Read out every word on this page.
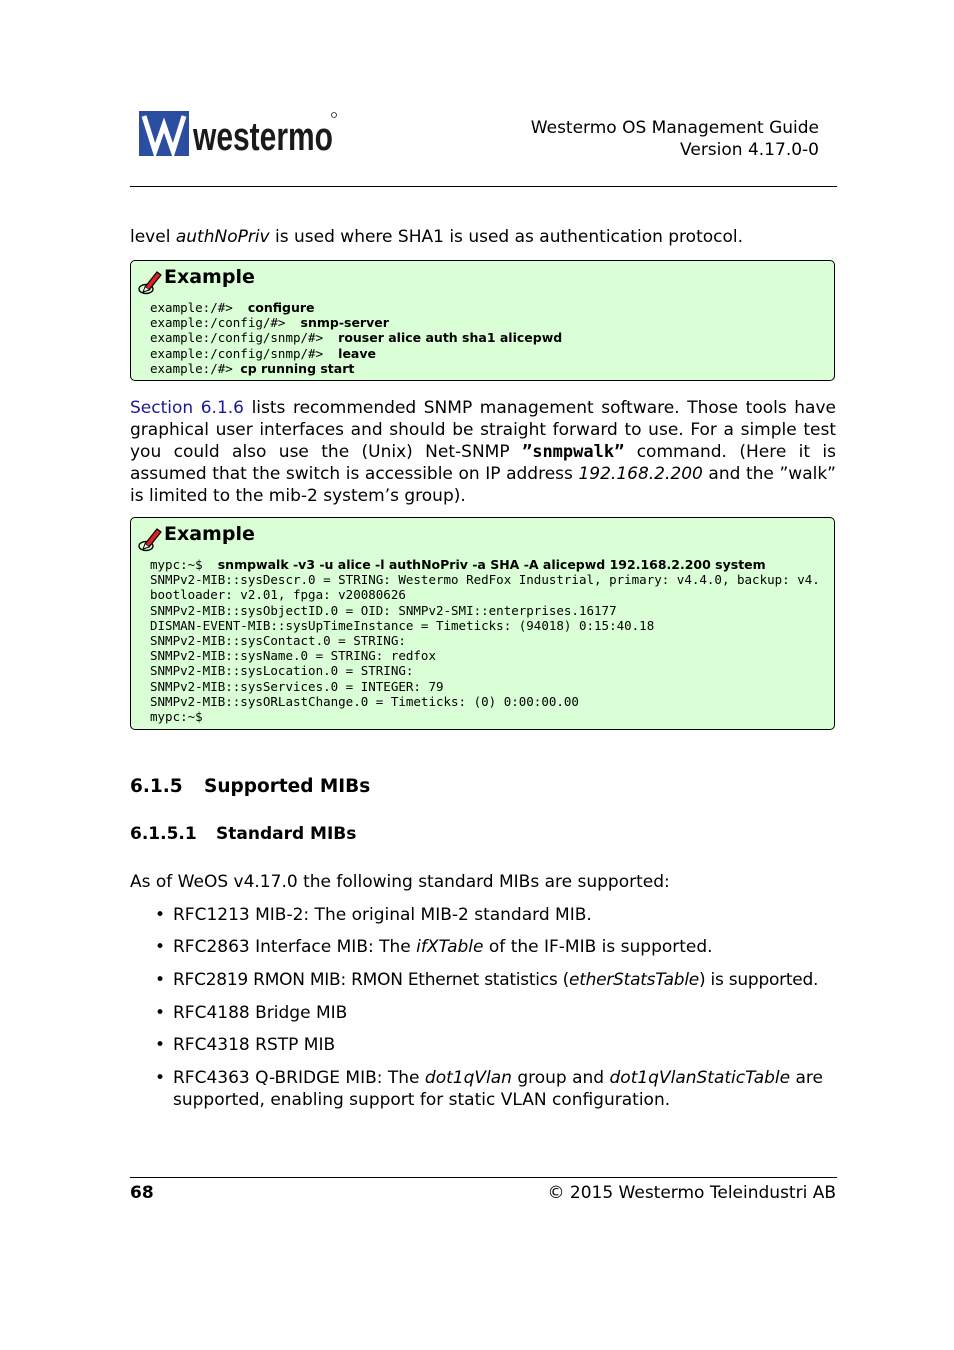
westermo	Westermo OS Management Guide
Version 4.17.0-0
level authNoPriv is used where SHA1 is used as authentication protocol.
Example
example:/#>  configure
example:/config/#>  snmp-server
example:/config/snmp/#>  rouser alice auth sha1 alicepwd
example:/config/snmp/#>  leave
example:/#> cp running start
Section 6.1.6 lists recommended SNMP management software. Those tools have graphical user interfaces and should be straight forward to use. For a simple test you could also use the (Unix) Net-SNMP ”snmpwalk” command. (Here it is assumed that the switch is accessible on IP address 192.168.2.200 and the ”walk” is limited to the mib-2 system’s group).
Example
mypc:~$  snmpwalk -v3 -u alice -l authNoPriv -a SHA -A alicepwd 192.168.2.200 system
SNMPv2-MIB::sysDescr.0 = STRING: Westermo RedFox Industrial, primary: v4.4.0, backup: v4.
bootloader: v2.01, fpga: v20080626
SNMPv2-MIB::sysObjectID.0 = OID: SNMPv2-SMI::enterprises.16177
DISMAN-EVENT-MIB::sysUpTimeInstance = Timeticks: (94018) 0:15:40.18
SNMPv2-MIB::sysContact.0 = STRING:
SNMPv2-MIB::sysName.0 = STRING: redfox
SNMPv2-MIB::sysLocation.0 = STRING:
SNMPv2-MIB::sysServices.0 = INTEGER: 79
SNMPv2-MIB::sysORLastChange.0 = Timeticks: (0) 0:00:00.00
mypc:~$
6.1.5 Supported MIBs
6.1.5.1 Standard MIBs
As of WeOS v4.17.0 the following standard MIBs are supported:
• RFC1213 MIB-2: The original MIB-2 standard MIB.
• RFC2863 Interface MIB: The ifXTable of the IF-MIB is supported.
• RFC2819 RMON MIB: RMON Ethernet statistics (etherStatsTable) is supported.
• RFC4188 Bridge MIB
• RFC4318 RSTP MIB
• RFC4363 Q-BRIDGE MIB: The dot1qVlan group and dot1qVlanStaticTable are supported, enabling support for static VLAN configuration.
68	© 2015 Westermo Teleindustri AB
